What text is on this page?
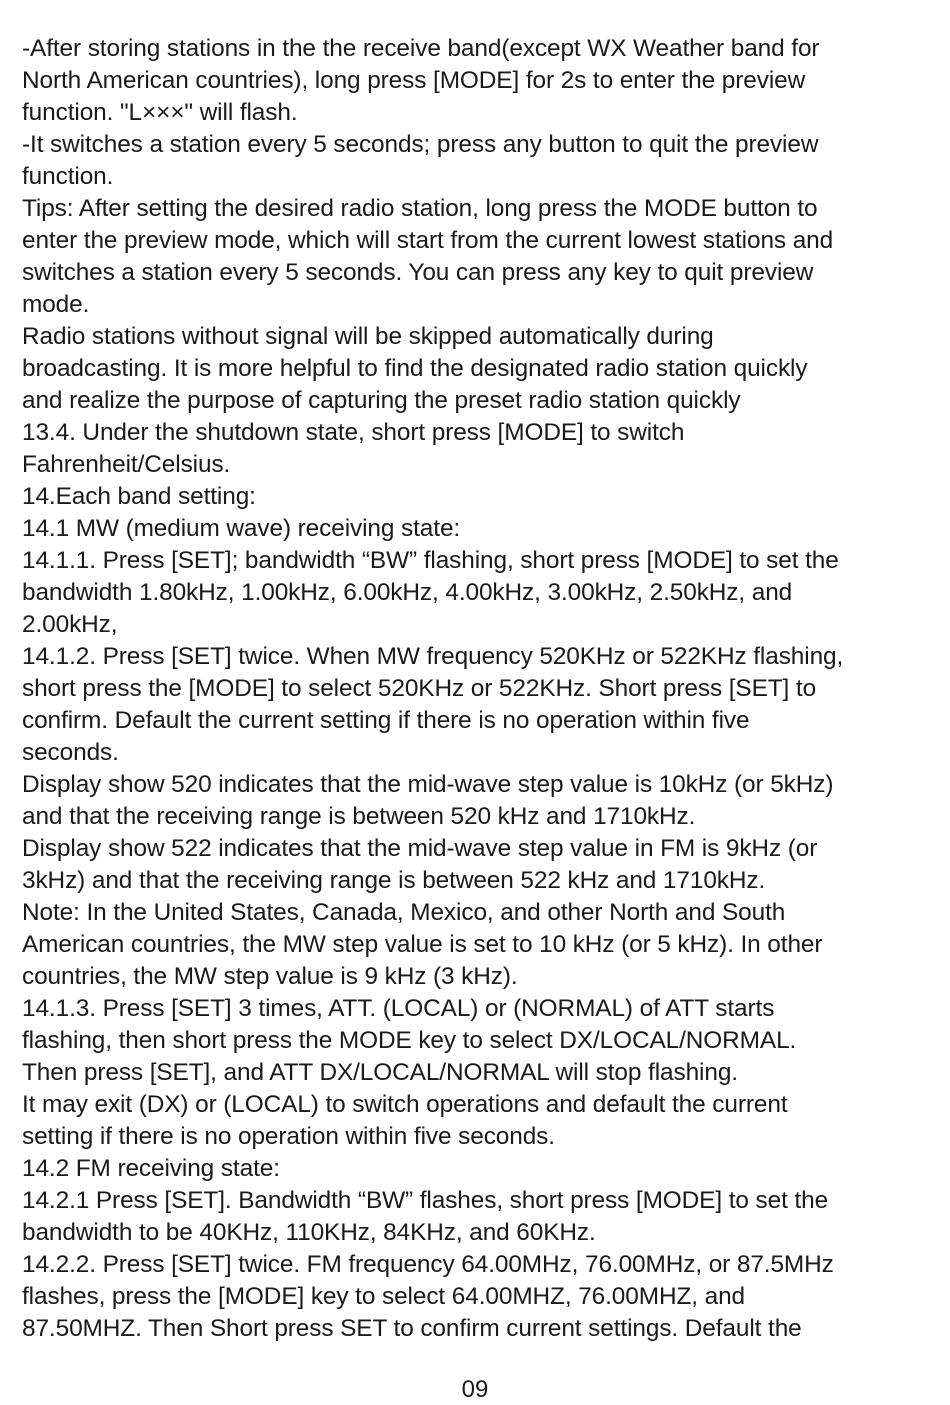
-After storing stations in the the receive band(except WX Weather band for
North American countries), long press [MODE] for 2s to enter the preview
function. "L×××" will flash.
-It switches a station every 5 seconds; press any button to quit the preview
function.
Tips: After setting the desired radio station, long press the MODE button to
enter the preview mode, which will start from the current lowest stations and
switches a station every 5 seconds. You can press any key to quit preview
mode.
Radio stations without signal will be skipped automatically during
broadcasting. It is more helpful to find the designated radio station quickly
and realize the purpose of capturing the preset radio station quickly
13.4. Under the shutdown state, short press [MODE] to switch
Fahrenheit/Celsius.
14.Each band setting:
14.1 MW (medium wave) receiving state:
14.1.1. Press [SET]; bandwidth “BW” flashing, short press [MODE] to set the
bandwidth 1.80kHz, 1.00kHz, 6.00kHz, 4.00kHz, 3.00kHz, 2.50kHz, and
2.00kHz,
14.1.2. Press [SET] twice. When MW frequency 520KHz or 522KHz flashing,
short press the [MODE] to select 520KHz or 522KHz. Short press [SET] to
confirm. Default the current setting if there is no operation within five
seconds.
Display show 520 indicates that the mid-wave step value is 10kHz (or 5kHz)
and that the receiving range is between 520 kHz and 1710kHz.
Display show 522 indicates that the mid-wave step value in FM is 9kHz (or
3kHz) and that the receiving range is between 522 kHz and 1710kHz.
Note: In the United States, Canada, Mexico, and other North and South
American countries, the MW step value is set to 10 kHz (or 5 kHz). In other
countries, the MW step value is 9 kHz (3 kHz).
14.1.3. Press [SET] 3 times, ATT. (LOCAL) or (NORMAL) of ATT starts
flashing, then short press the MODE key to select DX/LOCAL/NORMAL.
Then press [SET], and ATT DX/LOCAL/NORMAL will stop flashing.
It may exit (DX) or (LOCAL) to switch operations and default the current
setting if there is no operation within five seconds.
14.2 FM receiving state:
14.2.1 Press [SET]. Bandwidth “BW” flashes, short press [MODE] to set the
bandwidth to be 40KHz, 110KHz, 84KHz, and 60KHz.
14.2.2. Press [SET] twice. FM frequency 64.00MHz, 76.00MHz, or 87.5MHz
flashes, press the [MODE] key to select 64.00MHZ, 76.00MHZ, and
87.50MHZ. Then Short press SET to confirm current settings. Default the
09
